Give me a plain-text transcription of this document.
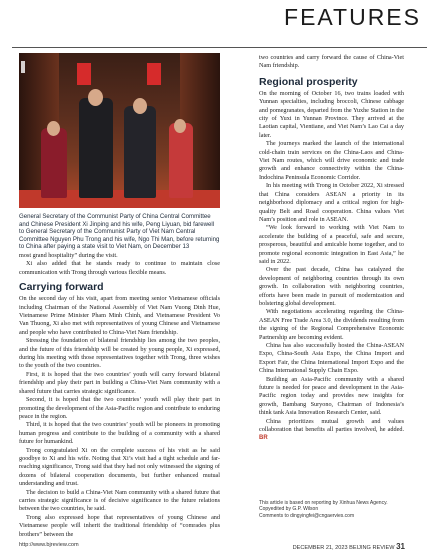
FEATURES
General Secretary of the Communist Party of China Central Committee and Chinese President Xi Jinping and his wife, Peng Liyuan, bid farewell to General Secretary of the Communist Party of Viet Nam Central Committee Nguyen Phu Trong and his wife, Ngo Thi Man, before returning to China after paying a state visit to Viet Nam, on December 13

most grand hospitality” during the visit.

Xi also added that he stands ready to continue to maintain close communication with Trong through various flexible means.

Carrying forward

On the second day of his visit, apart from meeting senior Vietnamese officials including Chairman of the National Assembly of Viet Nam Vuong Dinh Hue, Vietnamese Prime Minister Pham Minh Chinh, and Vietnamese President Vo Van Thuong, Xi also met with representatives of young Chinese and Vietnamese and people who have contributed to China-Viet Nam friendship.

Stressing the foundation of bilateral friendship lies among the two peoples, and the future of this friendship will be created by young people, Xi expressed, during his meeting with those representatives together with Trong, three wishes to the youth of the two countries.

First, it is hoped that the two countries’ youth will carry forward bilateral friendship and play their part in building a China-Viet Nam community with a shared future that carries strategic significance.

Second, it is hoped that the two countries’ youth will play their part in promoting the development of the Asia-Pacific region and contribute to enduring peace in the region.

Third, it is hoped that the two countries’ youth will be pioneers in promoting human progress and contribute to the building of a community with a shared future for humankind.

Trong congratulated Xi on the complete success of his visit as he said goodbye to Xi and his wife. Noting that Xi’s visit had a tight schedule and far-reaching significance, Trong said that they had not only witnessed the signing of dozens of bilateral cooperation documents, but further enhanced mutual understanding and trust.

The decision to build a China-Viet Nam community with a shared future that carries strategic significance is of decisive significance to the future relations between the two countries, he said.

Trong also expressed hope that representatives of young Chinese and Vietnamese people will inherit the traditional friendship of “comrades plus brothers” between the

two countries and carry forward the cause of China-Viet Nam friendship.

Regional prosperity

On the morning of October 16, two trains loaded with Yunnan specialties, including broccoli, Chinese cabbage and pomegranates, departed from the Yuxhe Station in the city of Yuxi in Yunnan Province. They arrived at the Laotian capital, Vientiane, and Viet Nam’s Lao Cai a day later.

The journeys marked the launch of the international cold-chain train services on the China-Laos and China-Viet Nam routes, which will drive economic and trade growth and enhance connectivity within the China-Indochina Peninsula Economic Corridor.

In his meeting with Trong in October 2022, Xi stressed that China considers ASEAN a priority in its neighborhood diplomacy and a critical region for high-quality Belt and Road cooperation. China values Viet Nam’s position and role in ASEAN.

“We look forward to working with Viet Nam to accelerate the building of a peaceful, safe and secure, prosperous, beautiful and amicable home together, and to promote regional economic integration in East Asia,” he said in 2022.

Over the past decade, China has catalyzed the development of neighboring countries through its own growth. In collaboration with neighboring countries, efforts have been made in pursuit of modernization and bolstering global development.

With negotiations accelerating regarding the China-ASEAN Free Trade Area 3.0, the dividends resulting from the signing of the Regional Comprehensive Economic Partnership are becoming evident.

China has also successfully hosted the China-ASEAN Expo, China-South Asia Expo, the China Import and Export Fair, the China International Import Expo and the China International Supply Chain Expo.

Building an Asia-Pacific community with a shared future is needed for peace and development in the Asia-Pacific region today and provides new insights for growth, Bambang Suryono, Chairman of Indonesia’s think tank Asia Innovation Research Center, said.

China prioritizes mutual growth and values collaboration that benefits all parties involved, he added. BR

This article is based on reporting by Xinhua News Agency.
Copyedited by G.P. Wilson
Comments to dingyingfei@cngaervies.com
http://www.bjreview.com	DECEMBER 21, 2023 BEIJING REVIEW 31
